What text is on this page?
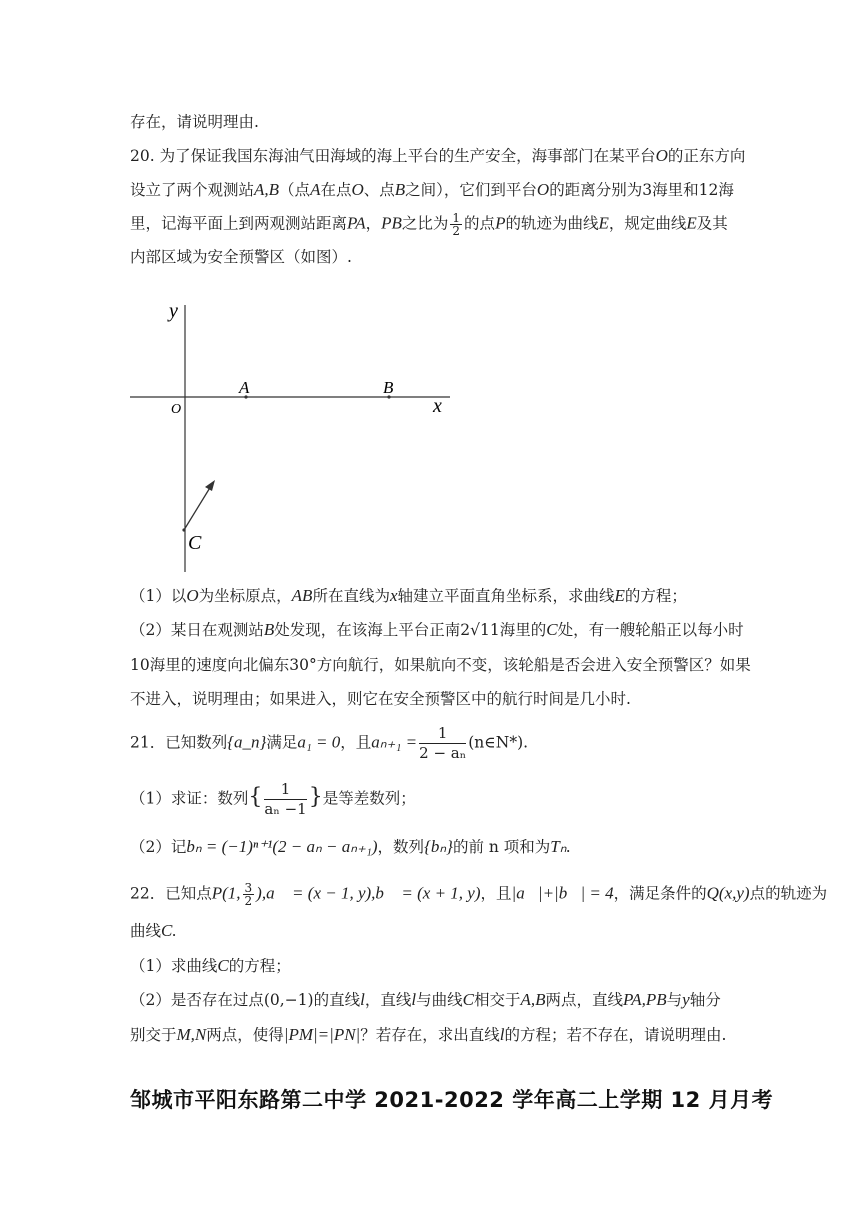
存在，请说明理由.
20. 为了保证我国东海油气田海域的海上平台的生产安全，海事部门在某平台O的正东方向
设立了两个观测站A,B（点A在点O、点B之间），它们到平台O的距离分别为3海里和12海
里，记海平面上到两观测站距离PA，PB之比为 $\frac{1}{2}$ 的点P的轨迹为曲线E，规定曲线E及其
内部区域为安全预警区（如图）.
y
x
O
A	B
C
（1）以O为坐标原点，AB所在直线为x轴建立平面直角坐标系，求曲线E的方程；
（2）某日在观测站B处发现，在该海上平台正南2√11海里的C处，有一艘轮船正以每小时
10海里的速度向北偏东30°方向航行，如果航向不变，该轮船是否会进入安全预警区？如果
不进入，说明理由；如果进入，则它在安全预警区中的航行时间是几小时.
21．已知数列{a_n}满足a₁ = 0，且$a_{n+1} = \frac{1}{\text{2 − aₙ}}$ (n∈N*).
（1）求证：数列{ $\frac{1}{\text{aₙ −1}}$ }是等差数列；
（2）记bₙ = (−1)ⁿ⁺¹(2 − aₙ − aₙ₊₁)，数列{bₙ}的前 n 项和为Tₙ.
22．已知点P(1, $\frac{3}{2}$ ),a⃗ = (x − 1, y),b⃗ = (x + 1, y)，且|a⃗|+|b⃗| = 4，满足条件的Q(x,y)点的轨迹为
曲线C.
（1）求曲线C的方程；
（2）是否存在过点(0,−1)的直线l，直线l与曲线C相交于A,B两点，直线PA,PB与y轴分
别交于M,N两点，使得|PM|=|PN|？若存在，求出直线l的方程；若不存在，请说明理由.
邹城市平阳东路第二中学 2021-2022 学年高二上学期 12 月月考
